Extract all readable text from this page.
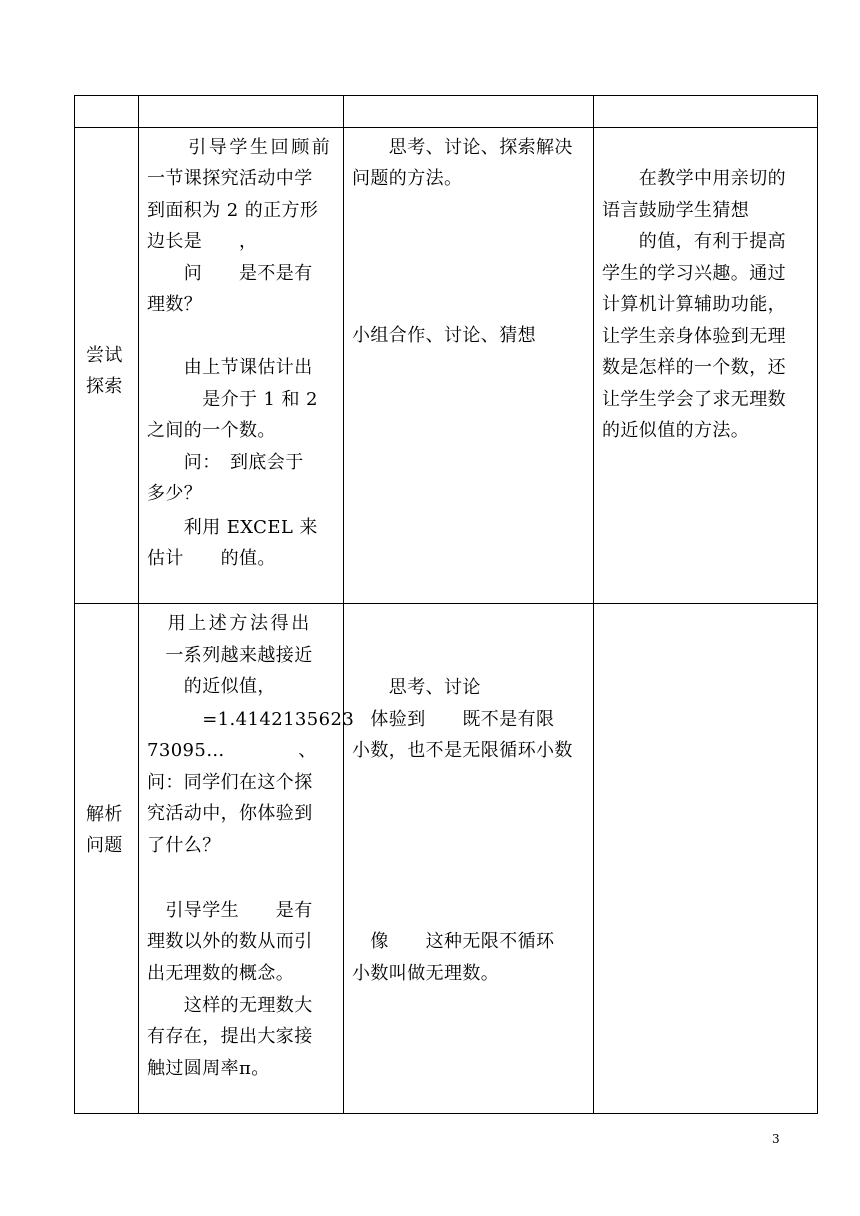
尝试
探索
　　引导学生回顾前
一节课探究活动中学
到面积为 2 的正方形
边长是　　，
　　问　　是不是有
理数？
　　由上节课估计出
　　　是介于 1 和 2
之间的一个数。
　　问：　到底会于
多少？
　　利用 EXCEL 来
估计　　的值。
　　思考、讨论、探索解决
问题的方法。
小组合作、讨论、猜想
　　在教学中用亲切的
语言鼓励学生猜想
　　的值，有利于提高
学生的学习兴趣。通过
计算机计算辅助功能，
让学生亲身体验到无理
数是怎样的一个数，还
让学生学会了求无理数
的近似值的方法。
解析
问题
　用上述方法得出
　一系列越来越接近
　　的近似值，
　　　=1.4142135623
73095…　　　　、
问：同学们在这个探
究活动中，你体验到
了什么？
　引导学生　　是有
理数以外的数从而引
出无理数的概念。
　　这样的无理数大
有存在，提出大家接
触过圆周率π。
　　思考、讨论
　体验到　　既不是有限
小数，也不是无限循环小数
　像　　这种无限不循环
小数叫做无理数。
3
